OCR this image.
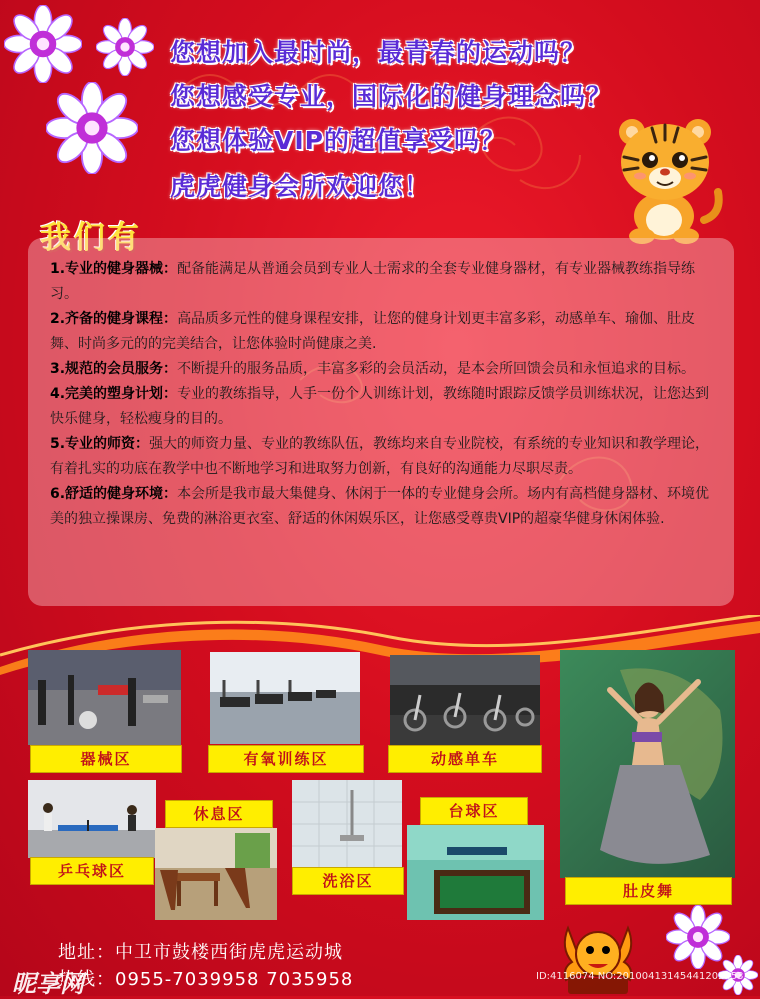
您想加入最时尚，最青春的运动吗？
您想感受专业，国际化的健身理念吗？
您想体验VIP的超值享受吗？
虎虎健身会所欢迎您！
我们有

1.专业的健身器械：配备能满足从普通会员到专业人士需求的全套专业健身器材，有专业器械教练指导练习。

2.齐备的健身课程：高品质多元性的健身课程安排，让您的健身计划更丰富多彩，动感单车、瑜伽、肚皮舞、时尚多元的的完美结合，让您体验时尚健康之美.

3.规范的会员服务：不断提升的服务品质，丰富多彩的会员活动，是本会所回馈会员和永恒追求的目标。

4.完美的塑身计划：专业的教练指导，人手一份个人训练计划，教练随时跟踪反馈学员训练状况，让您达到快乐健身，轻松瘦身的目的。

5.专业的师资：强大的师资力量、专业的教练队伍，教练均来自专业院校，有系统的专业知识和教学理论，有着扎实的功底在教学中也不断地学习和进取努力创新，有良好的沟通能力尽职尽责。

6.舒适的健身环境：本会所是我市最大集健身、休闲于一体的专业健身会所。场内有高档健身器材、环境优美的独立操课房、免费的淋浴更衣室、舒适的休闲娱乐区，让您感受尊贵VIP的超豪华健身休闲体验.

器械区	有氧训练区	动感单车
休息区	台球区
乒乓球区
洗浴区
肚皮舞
地址：中卫市鼓楼西街虎虎运动城
热线：0955-7039958 7035958
昵享网	ID:4116074 NO:20100413145441202453
